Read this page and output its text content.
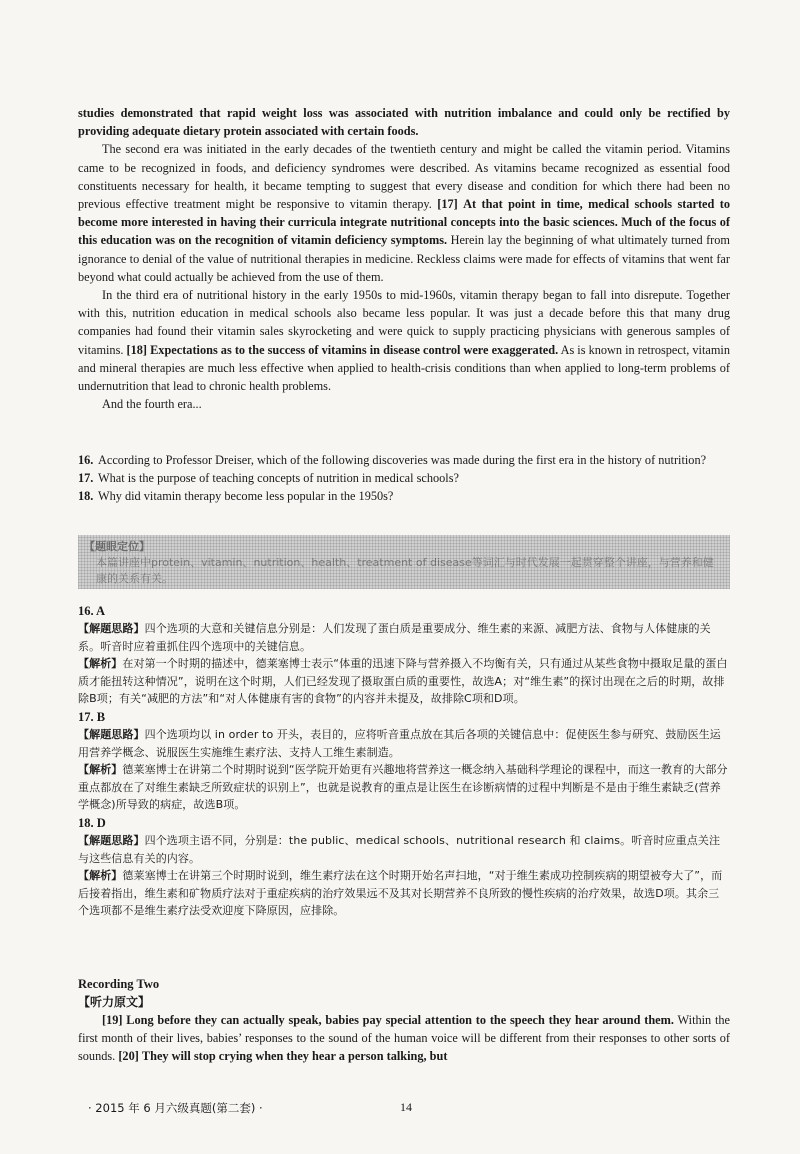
studies demonstrated that rapid weight loss was associated with nutrition imbalance and could only be rectified by providing adequate dietary protein associated with certain foods.

The second era was initiated in the early decades of the twentieth century and might be called the vitamin period. Vitamins came to be recognized in foods, and deficiency syndromes were described. As vitamins became recognized as essential food constituents necessary for health, it became tempting to suggest that every disease and condition for which there had been no previous effective treatment might be responsive to vitamin therapy. [17] At that point in time, medical schools started to become more interested in having their curricula integrate nutritional concepts into the basic sciences. Much of the focus of this education was on the recognition of vitamin deficiency symptoms. Herein lay the beginning of what ultimately turned from ignorance to denial of the value of nutritional therapies in medicine. Reckless claims were made for effects of vitamins that went far beyond what could actually be achieved from the use of them.

In the third era of nutritional history in the early 1950s to mid-1960s, vitamin therapy began to fall into disrepute. Together with this, nutrition education in medical schools also became less popular. It was just a decade before this that many drug companies had found their vitamin sales skyrocketing and were quick to supply practicing physicians with generous samples of vitamins. [18] Expectations as to the success of vitamins in disease control were exaggerated. As is known in retrospect, vitamin and mineral therapies are much less effective when applied to health-crisis conditions than when applied to long-term problems of undernutrition that lead to chronic health problems.

And the fourth era...

16. According to Professor Dreiser, which of the following discoveries was made during the first era in the history of nutrition?
17. What is the purpose of teaching concepts of nutrition in medical schools?
18. Why did vitamin therapy become less popular in the 1950s?
【题眼定位】
本篇讲座中protein、vitamin、nutrition、health、treatment of disease等词汇与时代发展一起贯穿整个讲座，与营养和健康的关系有关。
16. A

【解题思路】四个选项的大意和关键信息分别是：人们发现了蛋白质是重要成分、维生素的来源、减肥方法、食物与人体健康的关系。听音时应着重抓住四个选项中的关键信息。

【解析】在对第一个时期的描述中，德莱塞博士表示“体重的迅速下降与营养摄入不均衡有关，只有通过从某些食物中摄取足量的蛋白质才能扭转这种情况”，说明在这个时期，人们已经发现了摄取蛋白质的重要性，故选A；对“维生素”的探讨出现在之后的时期，故排除B项；有关“减肥的方法”和“对人体健康有害的食物”的内容并未提及，故排除C项和D项。

17. B

【解题思路】四个选项均以 in order to 开头，表目的，应将听音重点放在其后各项的关键信息中：促使医生参与研究、鼓励医生运用营养学概念、说服医生实施维生素疗法、支持人工维生素制造。

【解析】德莱塞博士在讲第二个时期时说到“医学院开始更有兴趣地将营养这一概念纳入基础科学理论的课程中，而这一教育的大部分重点都放在了对维生素缺乏所致症状的识别上”，也就是说教育的重点是让医生在诊断病情的过程中判断是不是由于维生素缺乏(营养学概念)所导致的病症，故选B项。

18. D

【解题思路】四个选项主语不同，分别是：the public、medical schools、nutritional research 和 claims。听音时应重点关注与这些信息有关的内容。

【解析】德莱塞博士在讲第三个时期时说到，维生素疗法在这个时期开始名声扫地，“对于维生素成功控制疾病的期望被夸大了”，而后接着指出，维生素和矿物质疗法对于重症疾病的治疗效果远不及其对长期营养不良所致的慢性疾病的治疗效果，故选D项。其余三个选项都不是维生素疗法受欢迎度下降原因，应排除。

Recording Two
【听力原文】

[19] Long before they can actually speak, babies pay special attention to the speech they hear around them. Within the first month of their lives, babies’ responses to the sound of the human voice will be different from their responses to other sorts of sounds. [20] They will stop crying when they hear a person talking, but

· 2015 年 6 月六级真题(第二套) ·	14
